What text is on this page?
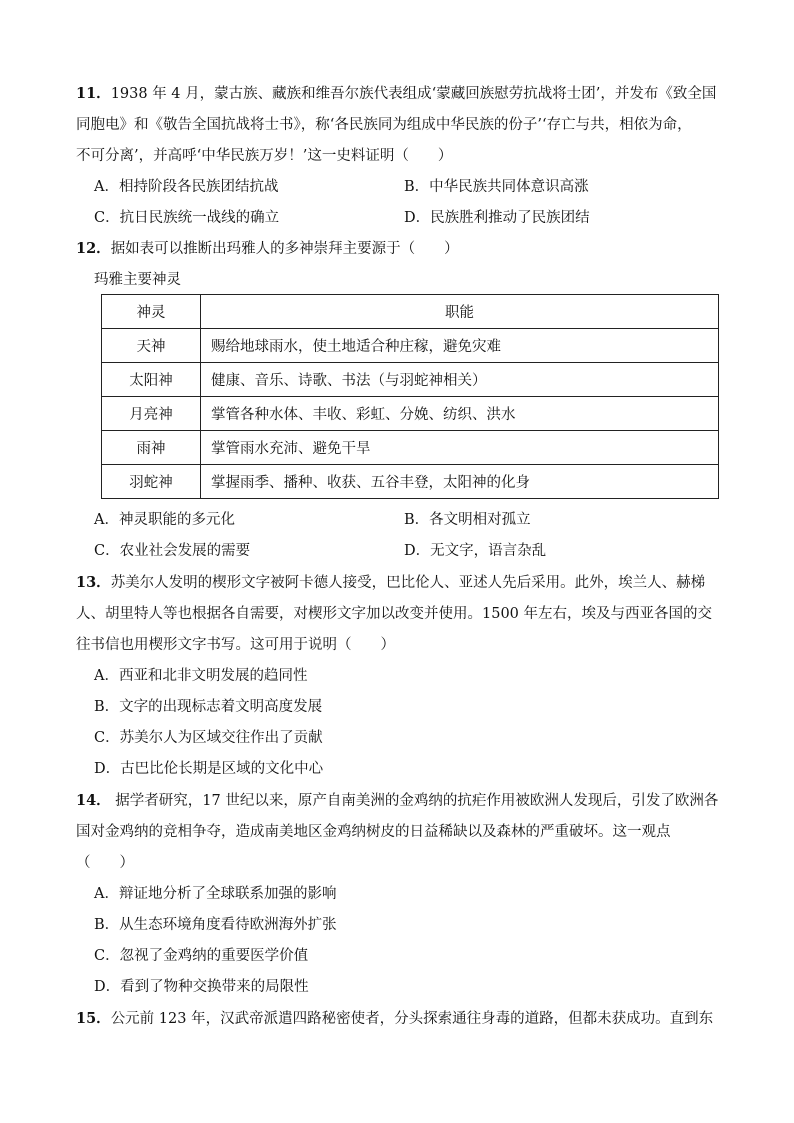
11．1938 年 4 月，蒙古族、藏族和维吾尔族代表组成‘蒙藏回族慰劳抗战将士团’，并发布《致全国
同胞电》和《敬告全国抗战将士书》，称‘各民族同为组成中华民族的份子’‘存亡与共，相依为命，
不可分离’，并高呼‘中华民族万岁！’这一史料证明（　　）
A．相持阶段各民族团结抗战	B．中华民族共同体意识高涨
C．抗日民族统一战线的确立	D．民族胜利推动了民族团结
12．据如表可以推断出玛雅人的多神崇拜主要源于（　　）
玛雅主要神灵
神灵	职能
天神	赐给地球雨水，使土地适合种庄稼，避免灾难
太阳神	健康、音乐、诗歌、书法（与羽蛇神相关）
月亮神	掌管各种水体、丰收、彩虹、分娩、纺织、洪水
雨神	掌管雨水充沛、避免干旱
羽蛇神	掌握雨季、播种、收获、五谷丰登，太阳神的化身
A．神灵职能的多元化	B．各文明相对孤立
C．农业社会发展的需要	D．无文字，语言杂乱
13．苏美尔人发明的楔形文字被阿卡德人接受，巴比伦人、亚述人先后采用。此外，埃兰人、赫梯
人、胡里特人等也根据各自需要，对楔形文字加以改变并使用。1500 年左右，埃及与西亚各国的交
往书信也用楔形文字书写。这可用于说明（　　）
A．西亚和北非文明发展的趋同性
B．文字的出现标志着文明高度发展
C．苏美尔人为区域交往作出了贡献
D．古巴比伦长期是区域的文化中心
14． 据学者研究，17 世纪以来，原产自南美洲的金鸡纳的抗疟作用被欧洲人发现后，引发了欧洲各
国对金鸡纳的竞相争夺，造成南美地区金鸡纳树皮的日益稀缺以及森林的严重破坏。这一观点
（　　）
A．辩证地分析了全球联系加强的影响
B．从生态环境角度看待欧洲海外扩张
C．忽视了金鸡纳的重要医学价值
D．看到了物种交换带来的局限性
15．公元前 123 年，汉武帝派遣四路秘密使者，分头探索通往身毒的道路，但都未获成功。直到东
